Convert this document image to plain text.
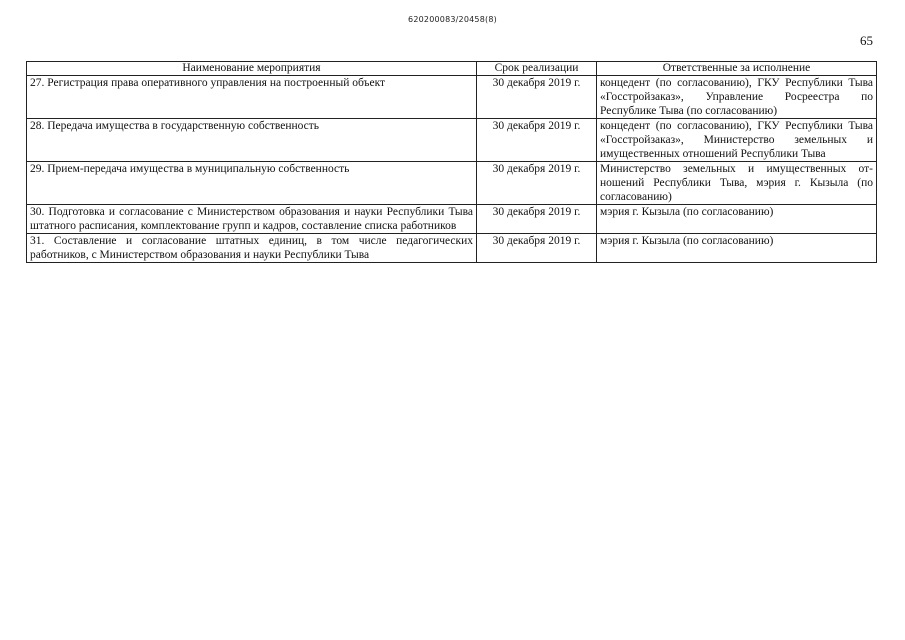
620200083/20458(8)
65
Наименование мероприятия	Срок реализации	Ответственные за исполнение
27. Регистрация права оперативного управления на построенный объект	30 декабря 2019 г.	концедент (по согласованию), ГКУ Республики Тыва «Госстройзаказ», Управление Росреестра по Республике Тыва (по согласованию)
28. Передача имущества в государственную собственность	30 декабря 2019 г.	концедент (по согласованию), ГКУ Республики Тыва «Госстройзаказ», Министерство земельных и имущественных отношений Республики Тыва
29. Прием-передача имущества в муниципальную собственность	30 декабря 2019 г.	Министерство земельных и имущественных отношений Республики Тыва, мэрия г. Кызыла (по согласованию)
30. Подготовка и согласование с Министерством образования и науки Республики Тыва штатного расписания, комплектование групп и кадров, составление списка работников	30 декабря 2019 г.	мэрия г. Кызыла (по согласованию)
31. Составление и согласование штатных единиц, в том числе педагогических работников, с Министерством образования и науки Республики Тыва	30 декабря 2019 г.	мэрия г. Кызыла (по согласованию)
